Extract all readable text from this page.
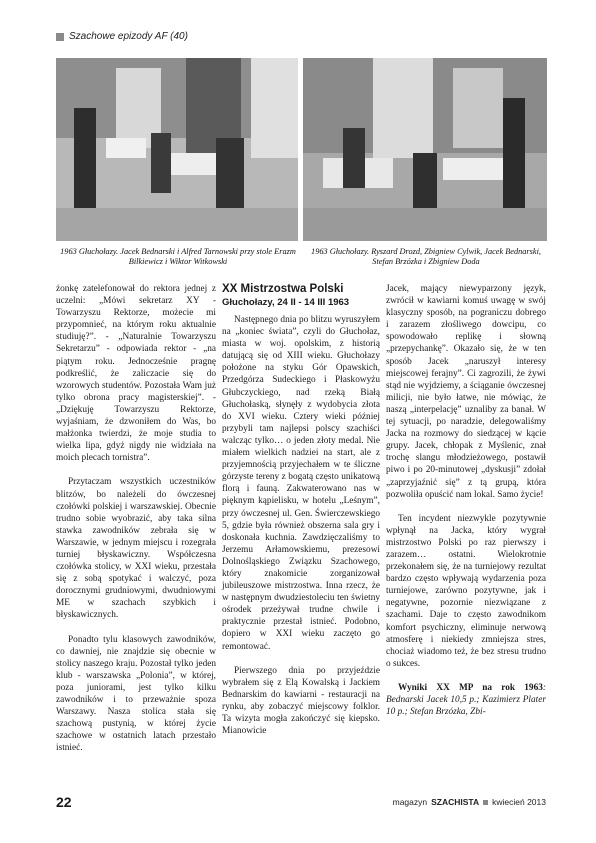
Szachowe epizody AF (40)
1963 Głuchołazy. Jacek Bednarski i Alfred Tarnowski przy stole Erazm Bilkiewicz i Wiktor Witkowski
1963 Głuchołazy. Ryszard Drozd, Zbigniew Cylwik, Jacek Bednarski, Stefan Brzózka i Zbigniew Doda

żonkę zatelefonował do rektora jednej z uczelni: „Mówi sekretarz XY - Towarzyszu Rektorze, możecie mi przypomnieć, na którym roku aktualnie studiuję?”. - „Naturalnie Towarzyszu Sekretarzu” - odpowiada rektor - „na piątym roku. Jednocześnie pragnę podkreślić, że zaliczacie się do wzorowych studentów. Pozostała Wam już tylko obrona pracy magisterskiej”. - „Dziękuję Towarzyszu Rektorze, wyjaśniam, że dzwoniłem do Was, bo małżonka twierdzi, że moje studia to wielka lipa, gdyż nigdy nie widziała na moich plecach tornistra”.

Przytaczam wszystkich uczestników blitzów, bo należeli do ówczesnej czołówki polskiej i warszawskiej. Obecnie trudno sobie wyobrazić, aby taka silna stawka zawodników zebrała się w Warszawie, w jednym miejscu i rozegrała turniej błyskawiczny. Współczesna czołówka stolicy, w XXI wieku, przestała się z sobą spotykać i walczyć, poza dorocznymi grudniowymi, dwudniowymi ME w szachach szybkich i błyskawicznych.

Ponadto tylu klasowych zawodników, co dawniej, nie znajdzie się obecnie w stolicy naszego kraju. Pozostał tylko jeden klub - warszawska „Polonia”, w której, poza juniorami, jest tylko kilku zawodników i to przeważnie spoza Warszawy. Nasza stolica stała się szachową pustynią, w której życie szachowe w ostatnich latach przestało istnieć.

XX Mistrzostwa Polski
Głuchołazy, 24 II - 14 III 1963

Następnego dnia po blitzu wyruszyłem na „koniec świata”, czyli do Głuchołaz, miasta w woj. opolskim, z historią datującą się od XIII wieku. Głuchołazy położone na styku Gór Opawskich, Przedgórza Sudeckiego i Płaskowyżu Głubczyckiego, nad rzeką Białą Głuchołaską, słynęły z wydobycia złota do XVI wieku. Cztery wieki później przybyli tam najlepsi polscy szachiści walcząc tylko… o jeden złoty medal. Nie miałem wielkich nadziei na start, ale z przyjemnością przyjechałem w te śliczne górzyste tereny z bogatą często unikatową florą i fauną. Zakwaterowano nas w pięknym kąpielisku, w hotelu „Leśnym”, przy ówczesnej ul. Gen. Świerczewskiego 5, gdzie była również obszerna sala gry i doskonała kuchnia. Zawdzięczaliśmy to Jerzemu Arłamowskiemu, prezesowi Dolnośląskiego Związku Szachowego, który znakomicie zorganizował jubileuszowe mistrzostwa. Inna rzecz, że w następnym dwudziestoleciu ten świetny ośrodek przeżywał trudne chwile i praktycznie przestał istnieć. Podobno, dopiero w XXI wieku zaczęto go remontować.

Pierwszego dnia po przyjeździe wybrałem się z Elą Kowalską i Jackiem Bednarskim do kawiarni - restauracji na rynku, aby zobaczyć miejscowy folklor. Ta wizyta mogła zakończyć się kiepsko. Mianowicie

Jacek, mający niewyparzony język, zwrócił w kawiarni komuś uwagę w swój klasyczny sposób, na pograniczu dobrego i zarazem złośliwego dowcipu, co spowodowało replikę i słowną „przepychankę”. Okazało się, że w ten sposób Jacek „naruszył interesy miejscowej ferajny”. Ci zagrozili, że żywi stąd nie wyjdziemy, a ściąganie ówczesnej milicji, nie było łatwe, nie mówiąc, że naszą „interpelację” uznaliby za banał. W tej sytuacji, po naradzie, delegowaliśmy Jacka na rozmowy do siedzącej w kącie grupy. Jacek, chłopak z Myślenic, znał trochę slangu młodzieżowego, postawił piwo i po 20-minutowej „dyskusji” zdołał „zaprzyjaźnić się” z tą grupą, która pozwoliła opuścić nam lokal. Samo życie!

Ten incydent niezwykle pozytywnie wpłynął na Jacka, który wygrał mistrzostwo Polski po raz pierwszy i zarazem… ostatni. Wielokrotnie przekonałem się, że na turniejowy rezultat bardzo często wpływają wydarzenia poza turniejowe, zarówno pozytywne, jak i negatywne, pozornie niezwiązane z szachami. Daje to często zawodnikom komfort psychiczny, eliminuje nerwową atmosferę i niekiedy zmniejsza stres, chociaż wiadomo też, że bez stresu trudno o sukces.

Wyniki XX MP na rok 1963: Bednarski Jacek 10,5 p.; Kazimierz Plater 10 p.; Stefan Brzózka, Zbi-

22	magazyn SZACHISTA kwiecień 2013
